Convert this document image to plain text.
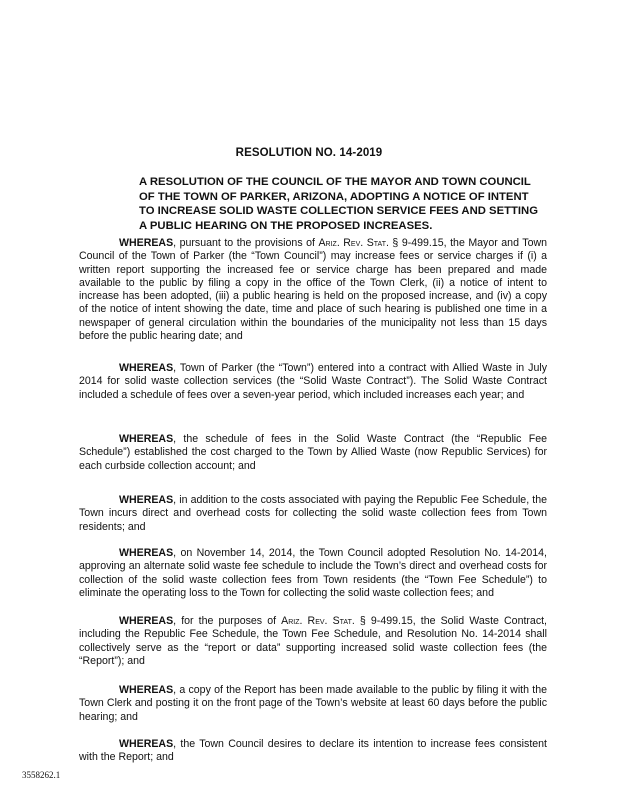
RESOLUTION NO. 14-2019
A RESOLUTION OF THE COUNCIL OF THE MAYOR AND TOWN COUNCIL OF THE TOWN OF PARKER, ARIZONA, ADOPTING A NOTICE OF INTENT TO INCREASE SOLID WASTE COLLECTION SERVICE FEES AND SETTING A PUBLIC HEARING ON THE PROPOSED INCREASES.

WHEREAS, pursuant to the provisions of Ariz. Rev. Stat. § 9-499.15, the Mayor and Town Council of the Town of Parker (the “Town Council”) may increase fees or service charges if (i) a written report supporting the increased fee or service charge has been prepared and made available to the public by filing a copy in the office of the Town Clerk, (ii) a notice of intent to increase has been adopted, (iii) a public hearing is held on the proposed increase, and (iv) a copy of the notice of intent showing the date, time and place of such hearing is published one time in a newspaper of general circulation within the boundaries of the municipality not less than 15 days before the public hearing date; and

WHEREAS, Town of Parker (the “Town”) entered into a contract with Allied Waste in July 2014 for solid waste collection services (the “Solid Waste Contract”). The Solid Waste Contract included a schedule of fees over a seven-year period, which included increases each year; and

WHEREAS, the schedule of fees in the Solid Waste Contract (the “Republic Fee Schedule”) established the cost charged to the Town by Allied Waste (now Republic Services) for each curbside collection account; and

WHEREAS, in addition to the costs associated with paying the Republic Fee Schedule, the Town incurs direct and overhead costs for collecting the solid waste collection fees from Town residents; and

WHEREAS, on November 14, 2014, the Town Council adopted Resolution No. 14-2014, approving an alternate solid waste fee schedule to include the Town’s direct and overhead costs for collection of the solid waste collection fees from Town residents (the “Town Fee Schedule”) to eliminate the operating loss to the Town for collecting the solid waste collection fees; and

WHEREAS, for the purposes of Ariz. Rev. Stat. § 9-499.15, the Solid Waste Contract, including the Republic Fee Schedule, the Town Fee Schedule, and Resolution No. 14-2014 shall collectively serve as the “report or data” supporting increased solid waste collection fees (the “Report”); and

WHEREAS, a copy of the Report has been made available to the public by filing it with the Town Clerk and posting it on the front page of the Town’s website at least 60 days before the public hearing; and

WHEREAS, the Town Council desires to declare its intention to increase fees consistent with the Report; and

3558262.1
